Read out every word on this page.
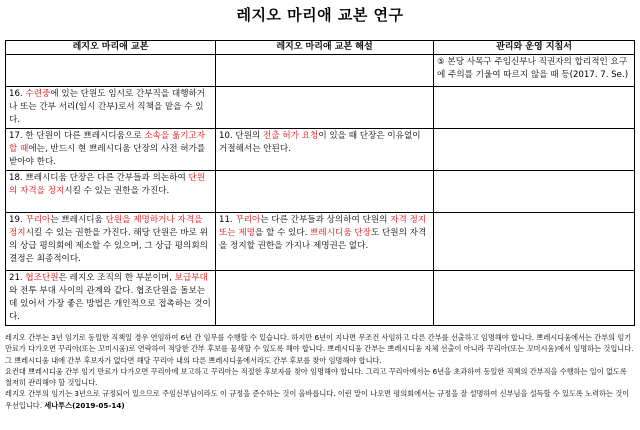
레지오 마리애 교본 연구
레지오 마리애 교본	레지오 마리애 교본 해설	관리와 운영 지침서
		⑤ 본당 사목구 주임신부나 직권자의 합리적인 요구에 주의를 기울여 따르지 않을 때 등(2017. 7. Se.)
16. 수련중에 있는 단원도 임시로 간부직을 대행하거나 또는 간부 서리(임시 간부)로서 직책을 맡을 수 있다.		
17. 한 단원이 다른 쁘레시디움으로 소속을 옮기고자 할 때에는, 반드시 현 쁘레시디움 단장의 사전 허가를 받아야 한다.	10. 단원의 전출 허가 요청이 있을 때 단장은 이유없이 거절해서는 안된다.	
18. 쁘레시디움 단장은 다른 간부들과 의논하여 단원의 자격을 정지시킬 수 있는 권한을 가진다.		
19. 꾸리아는 쁘레시디움 단원을 제명하거나 자격을 정지시킬 수 있는 권한을 가진다. 해당 단원은 바로 위의 상급 평의회에 제소할 수 있으며, 그 상급 평의회의 결정은 최종적이다.	11. 꾸리아는 다른 간부들과 상의하여 단원의 자격 정지 또는 제명을 할 수 있다. 쁘레시디움 단장도 단원의 자격을 정지할 권한을 가지나 제명권은 없다.	
21. 협조단원은 레지오 조직의 한 부분이며, 보급부대와 전투 부대 사이의 관계와 같다. 협조단원을 돌보는 데 있어서 가장 좋은 방법은 개인적으로 접촉하는 것이다.		

레지오 간부는 3년 임기로 동일한 직책일 경우 연임하여 6년 간 임무를 수행할 수 있습니다. 하지만 6년이 지나면 무조건 사임하고 다른 간부를 선출하고 임명해야 합니다. 쁘레시디움에서는 간부의 임기 만료가 다가오면 꾸리아(또는 꼬미시움)로 연락하여 적당한 간부 후보를 물색할 수 있도록 해야 합니다. 쁘레시디움 간부는 쁘레시디움 자체 선출이 아니라 꾸리아(또는 꼬미시움)에서 임명하는 것입니다. 그 쁘레시디움 내에 간부 후보자가 없다면 해당 꾸리아 내의 다른 쁘레시디움에서라도 간부 후보를 찾아 임명해야 합니다.

요컨대 쁘레시디움 간부 임기 만료가 다가오면 꾸리아에 보고하고 꾸리아는 적절한 후보자를 찾아 임명해야 합니다. 그리고 꾸리아에서는 6년을 초과하여 동일한 직책의 간부직을 수행하는 일이 없도록 철저히 관리해야 할 것입니다.

레지오 간부의 임기는 3년으로 규정되어 있으므로 주임신부님이라도 이 규정을 준수하는 것이 올바릅니다. 이런 말이 나오면 평의회에서는 규정을 잘 설명하여 신부님을 설득할 수 있도록 노력하는 것이 우선입니다. 세나투스(2019-05-14)
